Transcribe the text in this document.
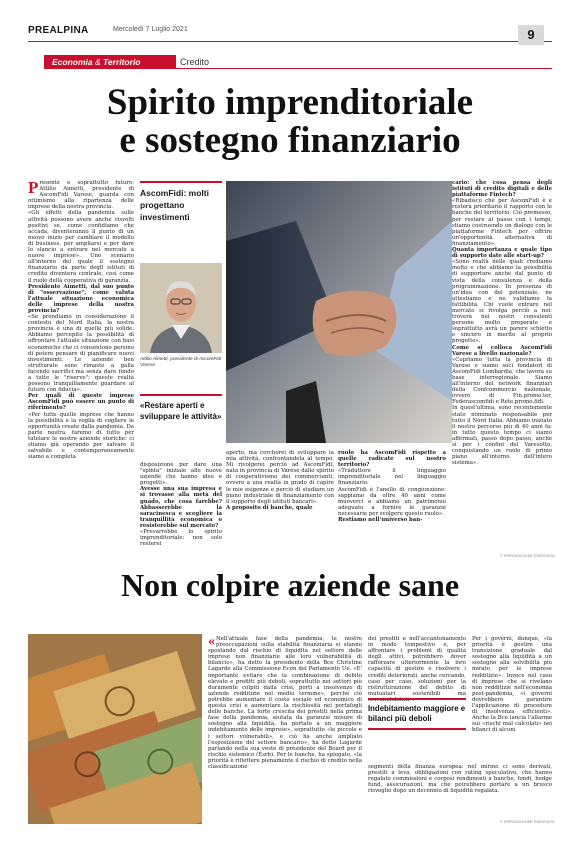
PREALPINA	Mercoledì 7 Luglio 2021	9
Economia & Territorio	Credito
Spirito imprenditoriale
e sostegno finanziario
P resente e soprattutto futuro: Attilio Aimetti, presidente di AscomFidi Varese, guarda con ottimismo alla ripartenza delle imprese della nostra provincia.

«Gli effetti della pandemia sulle attività possono avere anche risvolti positivi se, come confidiamo che accada, diventeranno il punto di un nuovo inizio per cambiare il modello di business, per ampliarsi e per dare lo slancio a entrare nel mercato a nuove imprese». Uno scenario all'interno del quale il sostegno finanziario da parte degli istituti di credito diventerà centrale, così come il ruolo della cooperativa di garanzia.

Presidente Aimetti, dal suo punto di "osservazione", come valuta l'attuale situazione economica delle imprese della nostra provincia?

«Se prendiamo in considerazione il contesto del Nord Italia, la nostra provincia è una di quelle più solide. Abbiamo percepito la possibilità di affrontare l'attuale situazione con basi economiche che ci consentono persino di potere pensare di pianificare nuovi investimenti. Le aziende ben strutturate sono rimaste a galla facendo sacrifici ma senza dare fondo a tutte le "riserve": queste realtà possono tranquillamente guardare al futuro con fiducia».

Per quali di queste imprese AscomFidi può essere un punto di riferimento?

«Per tutte quelle imprese che hanno la possibilità e la voglia di cogliere le opportunità create dalla pandemia. Da parte nostra, faremo di tutto per tutelare le nostre aziende storiche: ci stiamo già operando per salvare il salvabile e contemporaneamente siamo a completa

AscomFidi: molti progettano investimenti
Attilio Aimetti, presidente di AscomFidi Varese
«Restare aperti e sviluppare le attività»

disposizione per dare una "spinta" iniziale alle nuove aziende che hanno idee e progetti».

Avesse una sua impresa e si trovasse alla metà del guado, che cosa farebbe? Abbasserebbe la saracinesca e scegliere la tranquillità economica o resisterebbe sul mercato?

«Prevarrebbe lo spirito imprenditoriale: non solo resterei

aperto, ma cercherei di sviluppare la mia attività, confrontandola al tempo. Mi rivolgerei perciò ad AscomFidi, nata in provincia di Varese dallo spirito di cooperativismo dei commercianti, ovvero a una realtà in grado di capire le mie esigenze e perciò di studiare un piano industriale di finanziamento con il supporto degli istituti bancari».

A proposito di banche, quale

ruolo ha AscomFidi rispetto a quelle radicate sul nostro territorio?

«Traduttore il linguaggio imprenditoriale nel linguaggio finanziario.

AscomFidi è l'anello di congiunzione: sappiamo da oltre 40 anni come muoverci e abbiamo un patrimonio adeguato a fornire le garanzie necessarie per svolgere questo ruolo».

Restiamo nell'universo ban-

cario: che cosa pensa degli istituti di credito digitali e delle piattaforme Fintech?

«Ribadisco che per AscomFidi è e resterà prioritario il rapporto con le banche del territorio. Ciò premesso, per restare al passo con i tempi, stiamo costruendo un dialogo con le piattaforme Fintech per offrire un'opportunità alternativa di finanziamento».

Quanta importanza e quale tipo di supporto date alle start-up?

«Sono realtà nelle quali crediamo molto e che abbiamo la possibilità di supportare anche dal punto di vista della consulenza e della programmazione. In presenza di un'idea con del potenziale, ne attestiamo e ne validiamo la fattibilità. Chi vuole entrare nel mercato si rivolga perciò a noi: troverà nei nostri consulenti persone molto preparate e soprattutto avrà un parere schietto e sincero in merito al proprio progetto».

Come si colloca AscomFidi Varese a livello nazionale?

«Copriamo tutta la provincia di Varese e siamo soci fondatori di AscomFidi Lombardia, che lavora su base interregionale. Siamo all'interno del network finanziari della Confcommercio nazionale, ovvero di Fin.promo.ter, Federascomfidi e Rete.promo.fidi.

In quest'ultima, sono recentemente stato nominato responsabile per tutto il Nord Italia. Abbiamo iniziato il nostro percorso più di 40 anni fa: in tutto questo tempo ci siamo affermati, passo dopo passo, anche sì per i confini del Varesotto, conquistando un ruolo di primo piano all'interno dell'intero sistema».

© RIPRODUZIONE RISERVATA
Non colpire aziende sane
« Nell'attuale fase della pandemia, le nostre preoccupazioni sulla stabilità finanziaria si stanno spostando dal rischio di liquidità nel settore delle imprese non finanziarie alle loro vulnerabilità di bilancio», ha detto la presidente della Bce Christine Lagarde alla Commissione Econ del Parlamento Ue. «E' importante evitare che la combinazione di debito elevato e profitti più deboli, soprattutto nei settori più duramente colpiti dalla crisi, porti a insolvenze di aziende redditizie nel medio termine», perché ciò potrebbe aumentare il costo sociale ed economico di questa crisi e aumentare la rischiosità nei portafogli delle banche. La forte crescita dei prestiti nella prima fase della pandemia, aiutata da garanzie misure di sostegno alla liquidità, ha portato a un maggiore indebitamento delle imprese», soprattutto «le piccole e i settori vulnerabili», e ciò ha anche ampliato l'esposizione del settore bancario», ha detto Lagarde parlando nella sua veste di presidente del Board per il rischio sistemico (Esrb). Per le banche, ha spiegato, «la priorità è riflettere pienamente il rischio di credito nella classificazione

dei prestiti e nell'accantonamento in modo tempestivo e, per affrontare i problemi di qualità degli attivi, potrebbero dover rafforzare ulteriormente la loro capacità di gestire e risolvere i crediti deteriorati, anche cercando, caso per caso, soluzioni per la ristrutturazione del debito di mutuatari sostenibili ma sovraindebitati».

Indebitamento maggiore e bilanci più deboli

Per i governi, dunque, «la priorità è gestire una transizione graduale dal sostegno alla liquidità a un sostegno alla solvibilità più mirato per le imprese redditizie». Invece nel caso di imprese che si rivelano non redditizie nell'economia post-pandemia, «i governi dovrebbero garantire l'applicazione di procedure di insolvenza efficienti». Anche la Bce lancia l'allarme sui «rischi mal calcolati» nei bilanci di alcuni

segmenti della finanza europea: nel mirino ci sono derivati, prestiti a leva, obbligazioni con rating speculativo, che hanno regalato commissioni e corposi rendimenti a banche, fondi, hedge fund, assicurazioni, ma che potrebbero portare a un brusco risveglio dopo un decennio di liquidità regalata.

© RIPRODUZIONE RISERVATA
